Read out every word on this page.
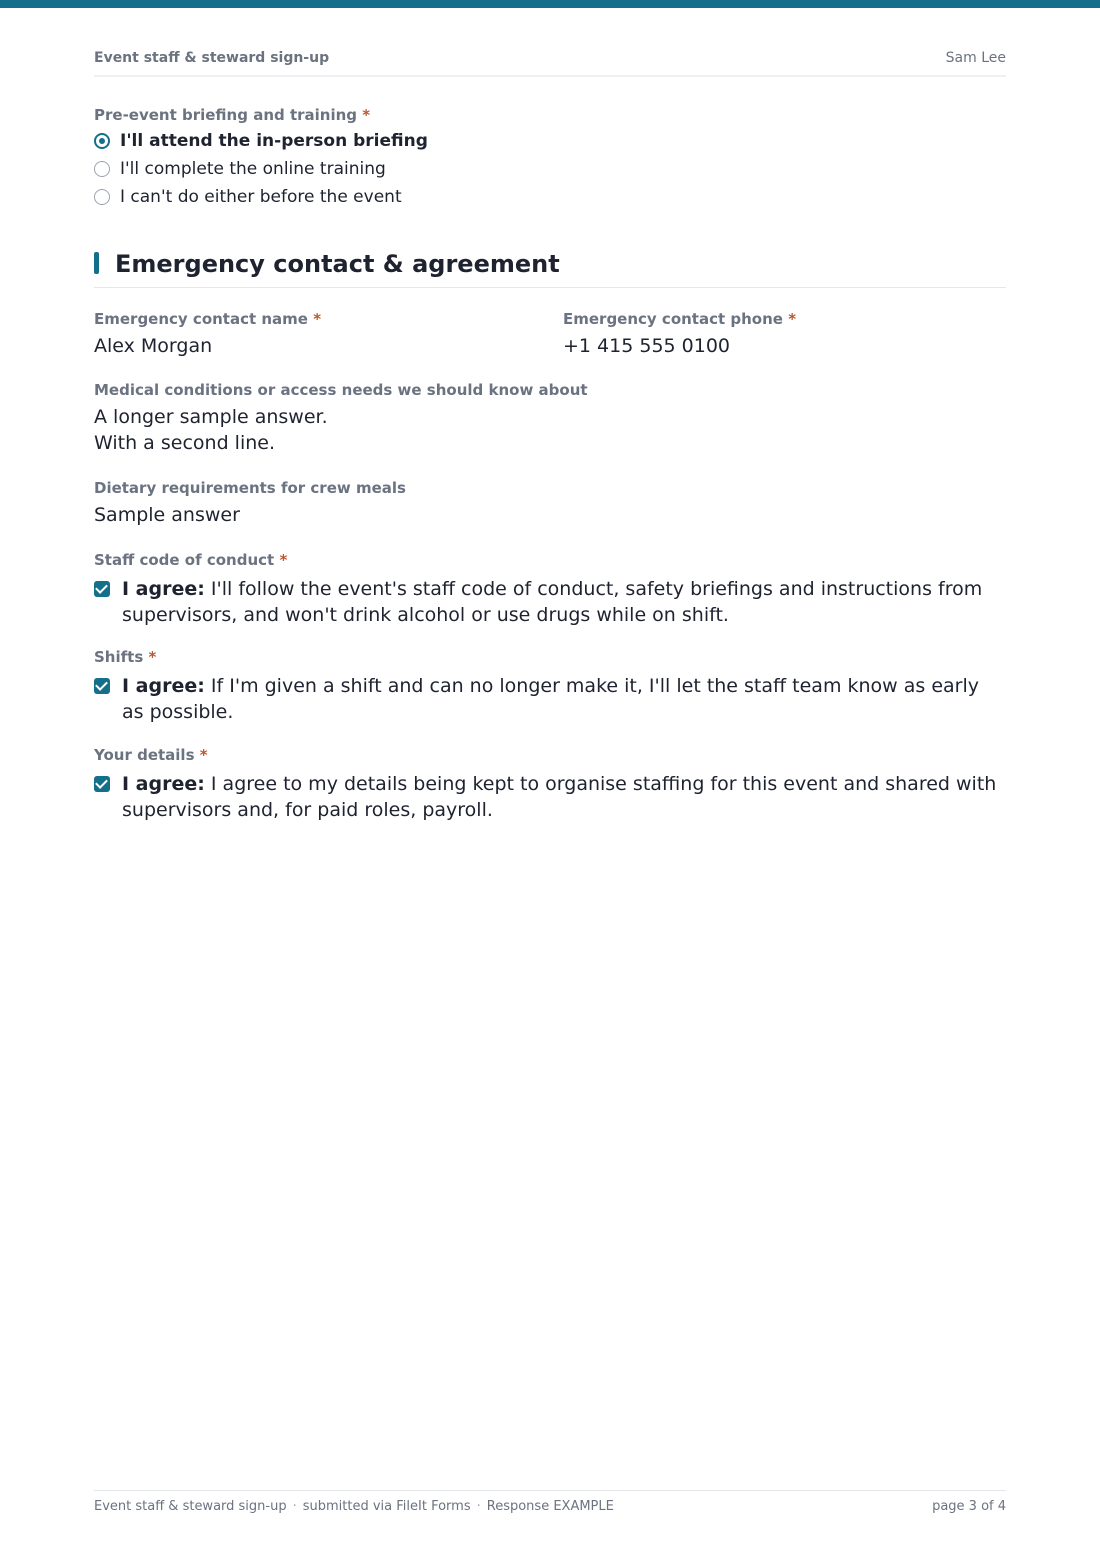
Event staff & steward sign-up	Sam Lee
Pre-event briefing and training *
I'll attend the in-person briefing
I'll complete the online training
I can't do either before the event
Emergency contact & agreement
Emergency contact name *
Alex Morgan
Emergency contact phone *
+1 415 555 0100
Medical conditions or access needs we should know about
A longer sample answer.
With a second line.
Dietary requirements for crew meals
Sample answer
Staff code of conduct *
I agree: I'll follow the event's staff code of conduct, safety briefings and instructions from supervisors, and won't drink alcohol or use drugs while on shift.
Shifts *
I agree: If I'm given a shift and can no longer make it, I'll let the staff team know as early as possible.
Your details *
I agree: I agree to my details being kept to organise staffing for this event and shared with supervisors and, for paid roles, payroll.
Event staff & steward sign-up · submitted via FileIt Forms · Response EXAMPLE	page 3 of 4
